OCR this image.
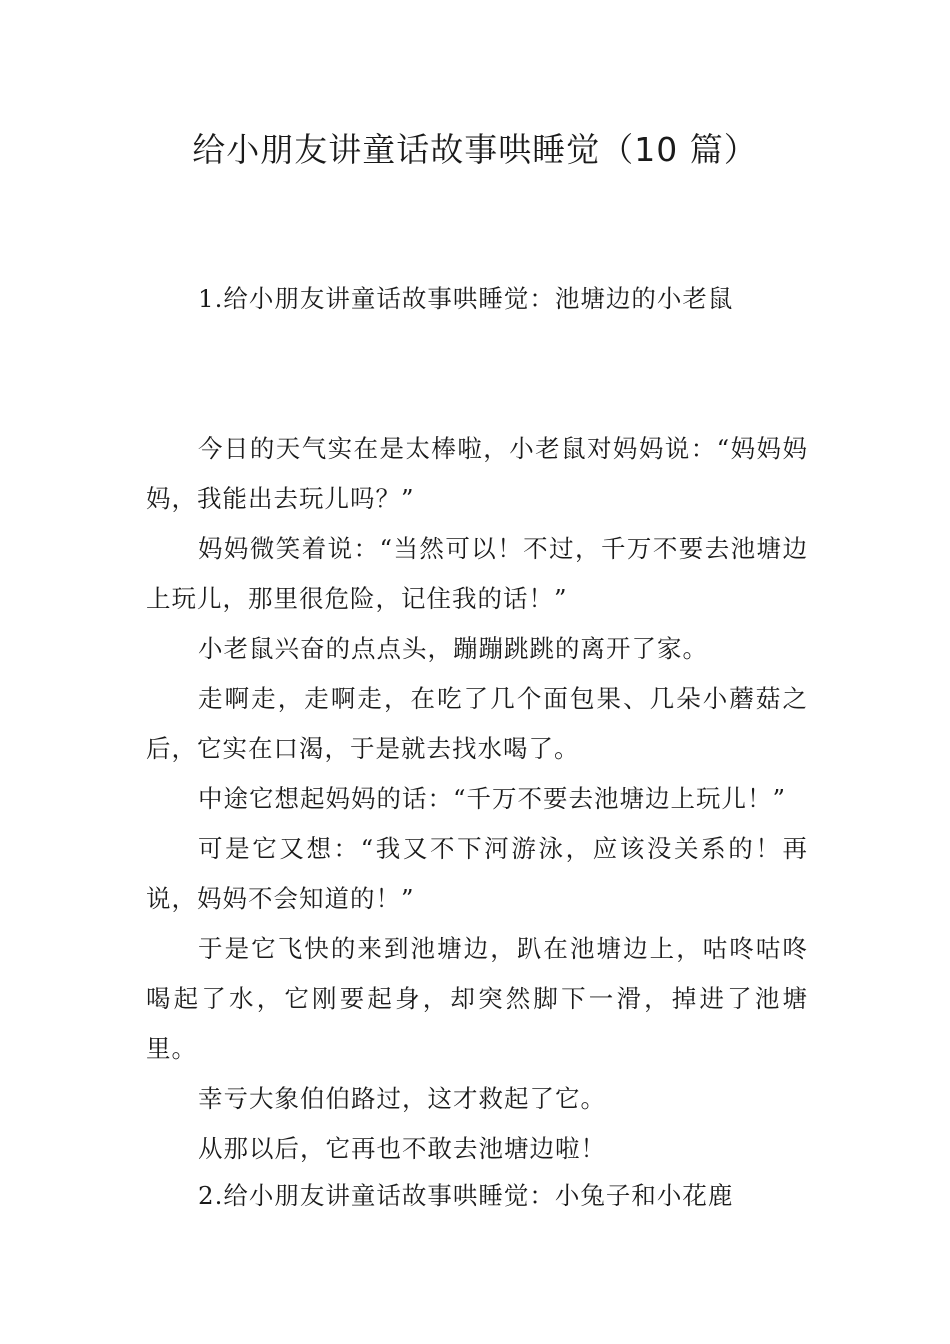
给小朋友讲童话故事哄睡觉（10 篇）
1.给小朋友讲童话故事哄睡觉：池塘边的小老鼠

今日的天气实在是太棒啦，小老鼠对妈妈说：“妈妈妈妈，我能出去玩儿吗？”

妈妈微笑着说：“当然可以！不过，千万不要去池塘边上玩儿，那里很危险，记住我的话！”

小老鼠兴奋的点点头，蹦蹦跳跳的离开了家。

走啊走，走啊走，在吃了几个面包果、几朵小蘑菇之后，它实在口渴，于是就去找水喝了。

中途它想起妈妈的话：“千万不要去池塘边上玩儿！”

可是它又想：“我又不下河游泳，应该没关系的！再说，妈妈不会知道的！”

于是它飞快的来到池塘边，趴在池塘边上，咕咚咕咚喝起了水，它刚要起身，却突然脚下一滑，掉进了池塘里。

幸亏大象伯伯路过，这才救起了它。

从那以后，它再也不敢去池塘边啦！

2.给小朋友讲童话故事哄睡觉：小兔子和小花鹿
